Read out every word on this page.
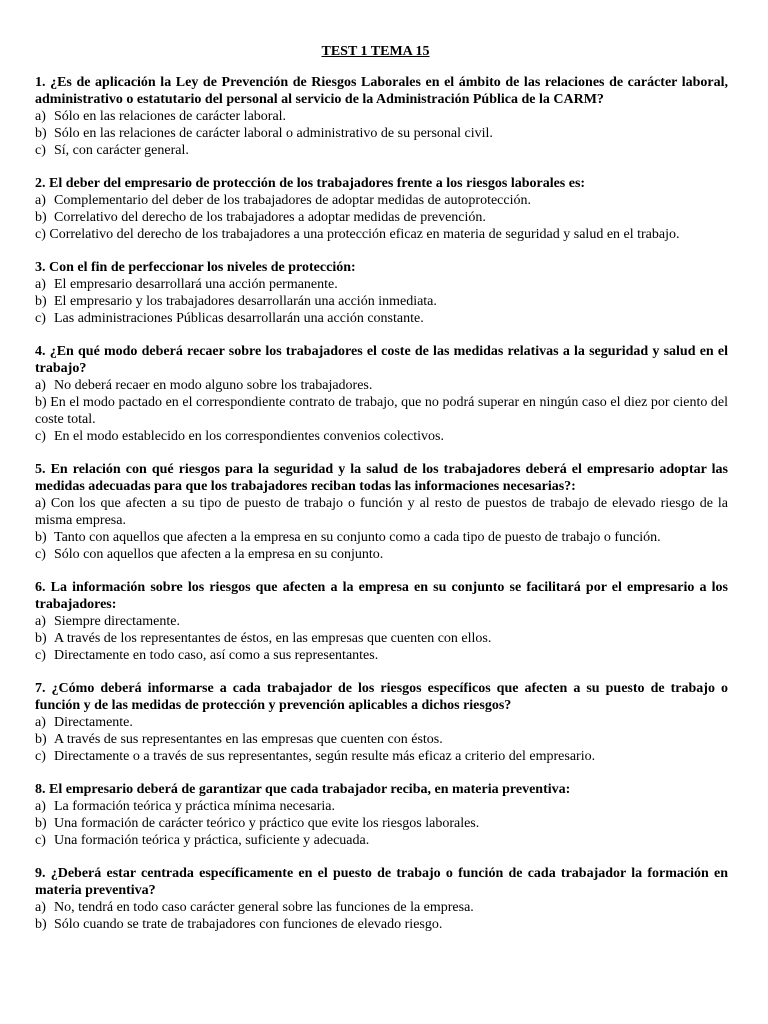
TEST 1 TEMA 15

1. ¿Es de aplicación la Ley de Prevención de Riesgos Laborales en el ámbito de las relaciones de carácter laboral, administrativo o estatutario del personal al servicio de la Administración Pública de la CARM?

a) Sólo en las relaciones de carácter laboral.
b) Sólo en las relaciones de carácter laboral o administrativo de su personal civil.
c) Sí, con carácter general.

2. El deber del empresario de protección de los trabajadores frente a los riesgos laborales es:

a) Complementario del deber de los trabajadores de adoptar medidas de autoprotección.
b) Correlativo del derecho de los trabajadores a adoptar medidas de prevención.
c) Correlativo del derecho de los trabajadores a una protección eficaz en materia de seguridad y salud en el trabajo.

3. Con el fin de perfeccionar los niveles de protección:

a) El empresario desarrollará una acción permanente.
b) El empresario y los trabajadores desarrollarán una acción inmediata.
c) Las administraciones Públicas desarrollarán una acción constante.

4. ¿En qué modo deberá recaer sobre los trabajadores el coste de las medidas relativas a la seguridad y salud en el trabajo?

a) No deberá recaer en modo alguno sobre los trabajadores.
b) En el modo pactado en el correspondiente contrato de trabajo, que no podrá superar en ningún caso el diez por ciento del coste total.
c) En el modo establecido en los correspondientes convenios colectivos.

5. En relación con qué riesgos para la seguridad y la salud de los trabajadores deberá el empresario adoptar las medidas adecuadas para que los trabajadores reciban todas las informaciones necesarias?:

a) Con los que afecten a su tipo de puesto de trabajo o función y al resto de puestos de trabajo de elevado riesgo de la misma empresa.
b) Tanto con aquellos que afecten a la empresa en su conjunto como a cada tipo de puesto de trabajo o función.
c) Sólo con aquellos que afecten a la empresa en su conjunto.

6. La información sobre los riesgos que afecten a la empresa en su conjunto se facilitará por el empresario a los trabajadores:

a) Siempre directamente.
b) A través de los representantes de éstos, en las empresas que cuenten con ellos.
c) Directamente en todo caso, así como a sus representantes.

7. ¿Cómo deberá informarse a cada trabajador de los riesgos específicos que afecten a su puesto de trabajo o función y de las medidas de protección y prevención aplicables a dichos riesgos?

a) Directamente.
b) A través de sus representantes en las empresas que cuenten con éstos.
c) Directamente o a través de sus representantes, según resulte más eficaz a criterio del empresario.

8. El empresario deberá de garantizar que cada trabajador reciba, en materia preventiva:

a) La formación teórica y práctica mínima necesaria.
b) Una formación de carácter teórico y práctico que evite los riesgos laborales.
c) Una formación teórica y práctica, suficiente y adecuada.

9. ¿Deberá estar centrada específicamente en el puesto de trabajo o función de cada trabajador la formación en materia preventiva?

a) No, tendrá en todo caso carácter general sobre las funciones de la empresa.
b) Sólo cuando se trate de trabajadores con funciones de elevado riesgo.
